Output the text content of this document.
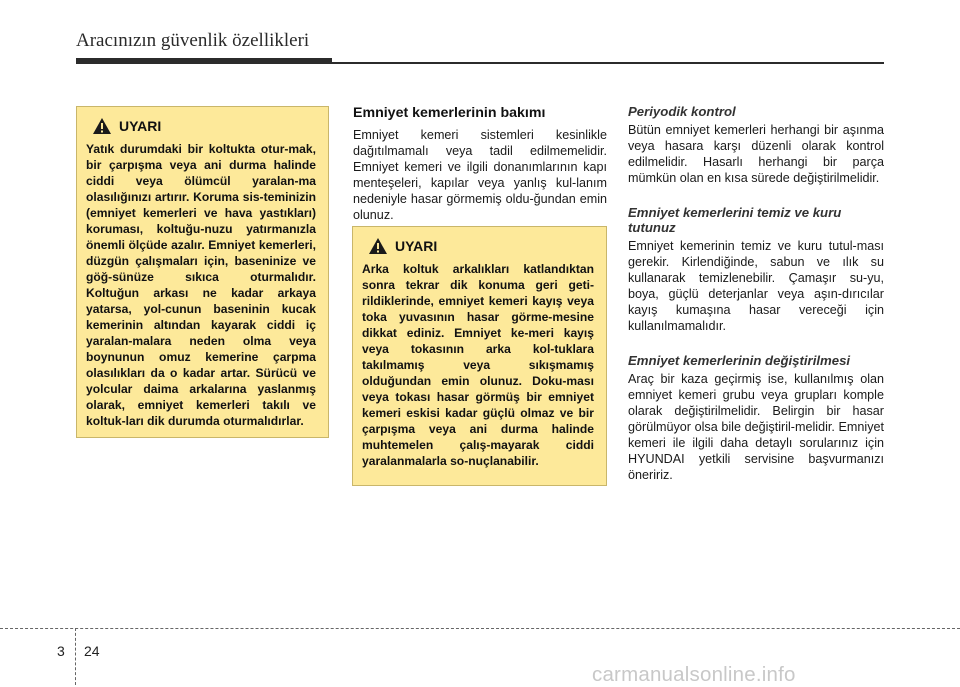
Aracınızın güvenlik özellikleri
UYARI

Yatık durumdaki bir koltukta otur-mak, bir çarpışma veya ani durma halinde ciddi veya ölümcül yaralan-ma olasılığınızı artırır. Koruma sis-teminizin (emniyet kemerleri ve hava yastıkları) koruması, koltuğu-nuzu yatırmanızla önemli ölçüde azalır. Emniyet kemerleri, düzgün çalışmaları için, baseninize ve göğ-sünüze sıkıca oturmalıdır. Koltuğun arkası ne kadar arkaya yatarsa, yol-cunun baseninin kucak kemerinin altından kayarak ciddi iç yaralan-malara neden olma veya boynunun omuz kemerine çarpma olasılıkları da o kadar artar. Sürücü ve yolcular daima arkalarına yaslanmış olarak, emniyet kemerleri takılı ve koltuk-ları dik durumda oturmalıdırlar.

Emniyet kemerlerinin bakımı

Emniyet kemeri sistemleri kesinlikle dağıtılmamalı veya tadil edilmemelidir. Emniyet kemeri ve ilgili donanımlarının kapı menteşeleri, kapılar veya yanlış kul-lanım nedeniyle hasar görmemiş oldu-ğundan emin olunuz.

UYARI

Arka koltuk arkalıkları katlandıktan sonra tekrar dik konuma geri geti-rildiklerinde, emniyet kemeri kayış veya toka yuvasının hasar görme-mesine dikkat ediniz. Emniyet ke-meri kayış veya tokasının arka kol-tuklara takılmamış veya sıkışmamış olduğundan emin olunuz. Doku-ması veya tokası hasar görmüş bir emniyet kemeri eskisi kadar güçlü olmaz ve bir çarpışma veya ani durma halinde muhtemelen çalış-mayarak ciddi yaralanmalarla so-nuçlanabilir.

Periyodik kontrol

Bütün emniyet kemerleri herhangi bir aşınma veya hasara karşı düzenli olarak kontrol edilmelidir. Hasarlı herhangi bir parça mümkün olan en kısa sürede değiştirilmelidir.

Emniyet kemerlerini temiz ve kuru tutunuz

Emniyet kemerinin temiz ve kuru tutul-ması gerekir. Kirlendiğinde, sabun ve ılık su kullanarak temizlenebilir. Çamaşır su-yu, boya, güçlü deterjanlar veya aşın-dırıcılar kayış kumaşına hasar vereceği için kullanılmamalıdır.

Emniyet kemerlerinin değiştirilmesi

Araç bir kaza geçirmiş ise, kullanılmış olan emniyet kemeri grubu veya grupları komple olarak değiştirilmelidir. Belirgin bir hasar görülmüyor olsa bile değiştiril-melidir. Emniyet kemeri ile ilgili daha detaylı sorularınız için HYUNDAI yetkili servisine başvurmanızı öneririz.

3 24
carmanualsonline.info
